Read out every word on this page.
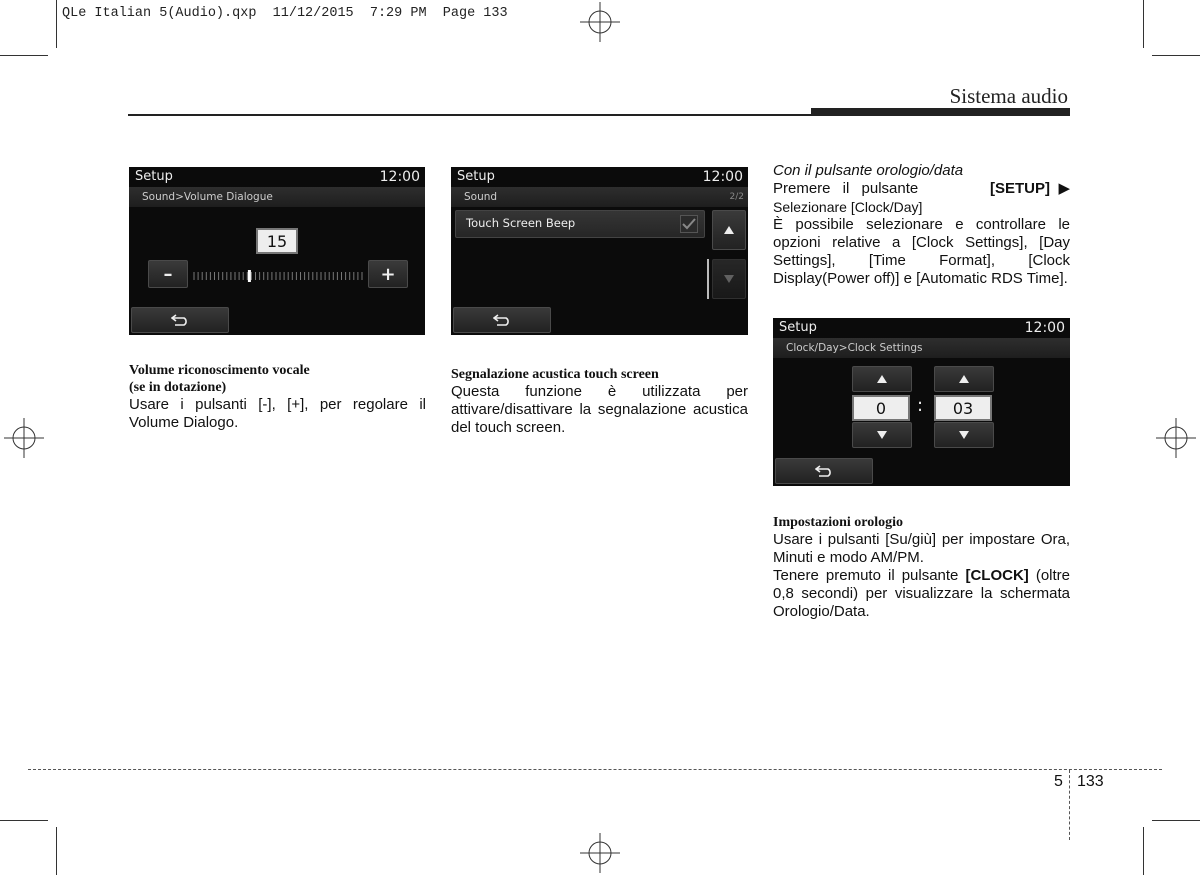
QLe Italian 5(Audio).qxp  11/12/2015  7:29 PM  Page 133
Sistema audio
Setup	12:00
Sound>Volume Dialogue
15
–	+
Setup	12:00
Sound	2/2
Touch Screen Beep
Setup	12:00
Clock/Day>Clock Settings
0	:	03
Volume riconoscimento vocale
(se in dotazione)
Usare i pulsanti [-], [+], per regolare il Volume Dialogo.
Segnalazione acustica touch screen
Questa funzione è utilizzata per attivare/disattivare la segnalazione acustica del touch screen.
Con il pulsante orologio/data
Premere il pulsante	[SETUP] ▶
Selezionare [Clock/Day]
È possibile selezionare e controllare le opzioni relative a [Clock Settings], [Day Settings], [Time Format], [Clock Display(Power off)] e [Automatic RDS Time].
Impostazioni orologio
Usare i pulsanti [Su/giù] per impostare Ora, Minuti e modo AM/PM.
Tenere premuto il pulsante [CLOCK] (oltre 0,8 secondi) per visualizzare la schermata Orologio/Data.
5 133
